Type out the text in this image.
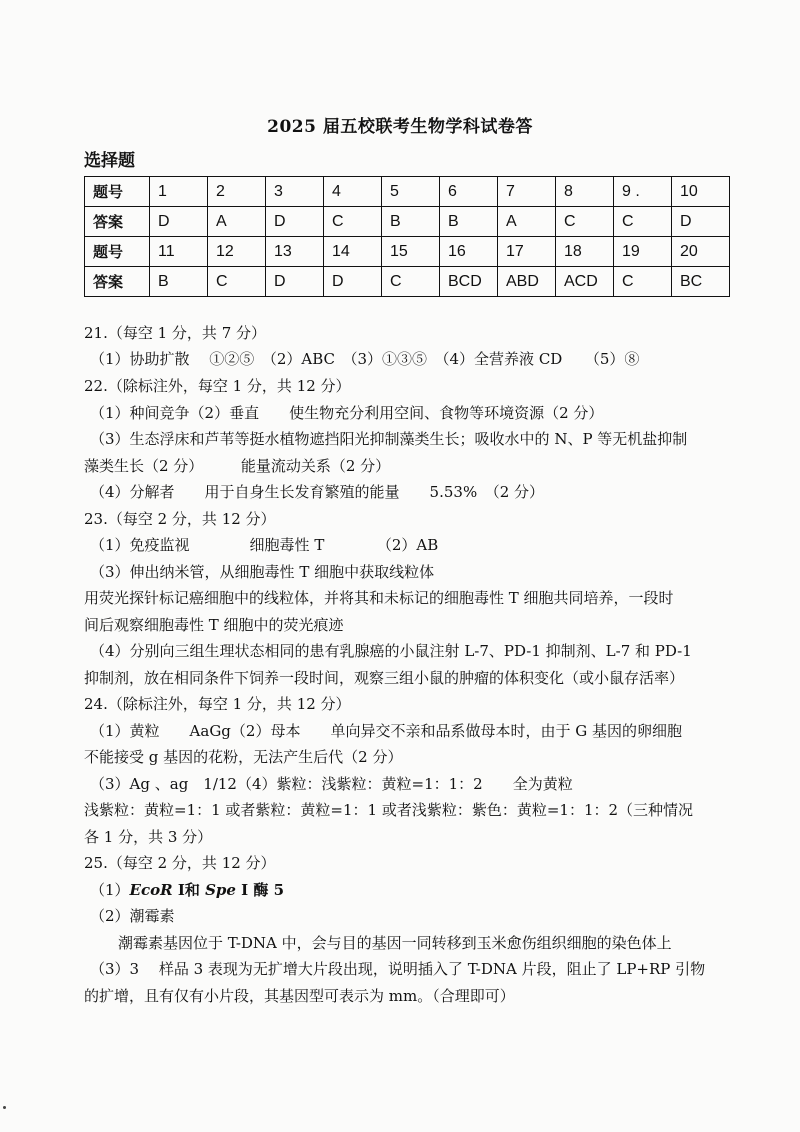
2025 届五校联考生物学科试卷答
选择题
题号	1	2	3	4	5	6	7	8	9 .	10
答案	D	A	D	C	B	B	A	C	C	D
题号	11	12	13	14	15	16	17	18	19	20
答案	B	C	D	D	C	BCD	ABD	ACD	C	BC
21.（每空 1 分，共 7 分）
（1）协助扩散　 ①②⑤　（2）ABC　（3）①③⑤　（4）全营养液 CD　　（5）⑧
22.（除标注外，每空 1 分，共 12 分）
（1）种间竞争（2）垂直　　使生物充分利用空间、食物等环境资源（2 分）
（3）生态浮床和芦苇等挺水植物遮挡阳光抑制藻类生长；吸收水中的 N、P 等无机盐抑制
藻类生长（2 分）　　　能量流动关系（2 分）
（4）分解者　　用于自身生长发育繁殖的能量　　5.53%　（2 分）
23.（每空 2 分，共 12 分）
（1）免疫监视　　　　细胞毒性 T　　　　（2）AB
（3）伸出纳米管，从细胞毒性 T 细胞中获取线粒体
用荧光探针标记癌细胞中的线粒体，并将其和未标记的细胞毒性 T 细胞共同培养，一段时
间后观察细胞毒性 T 细胞中的荧光痕迹
（4）分别向三组生理状态相同的患有乳腺癌的小鼠注射 L-7、PD-1 抑制剂、L-7 和 PD-1
抑制剂，放在相同条件下饲养一段时间，观察三组小鼠的肿瘤的体积变化（或小鼠存活率）
24.（除标注外，每空 1 分，共 12 分）
（1）黄粒　　AaGg（2）母本　　单向异交不亲和品系做母本时，由于 G 基因的卵细胞
不能接受 g 基因的花粉，无法产生后代（2 分）
（3）Ag 、ag　1/12（4）紫粒：浅紫粒：黄粒=1：1：2　　全为黄粒
浅紫粒：黄粒=1：1 或者紫粒：黄粒=1：1 或者浅紫粒：紫色：黄粒=1：1：2（三种情况
各 1 分，共 3 分）
25.（每空 2 分，共 12 分）
（1）EcoR Ⅰ和 Spe Ⅰ 酶 5
（2）潮霉素
潮霉素基因位于 T-DNA 中，会与目的基因一同转移到玉米愈伤组织细胞的染色体上
（3）3　 样品 3 表现为无扩增大片段出现，说明插入了 T-DNA 片段，阻止了 LP+RP 引物
的扩增，且有仅有小片段，其基因型可表示为 mm。（合理即可）
